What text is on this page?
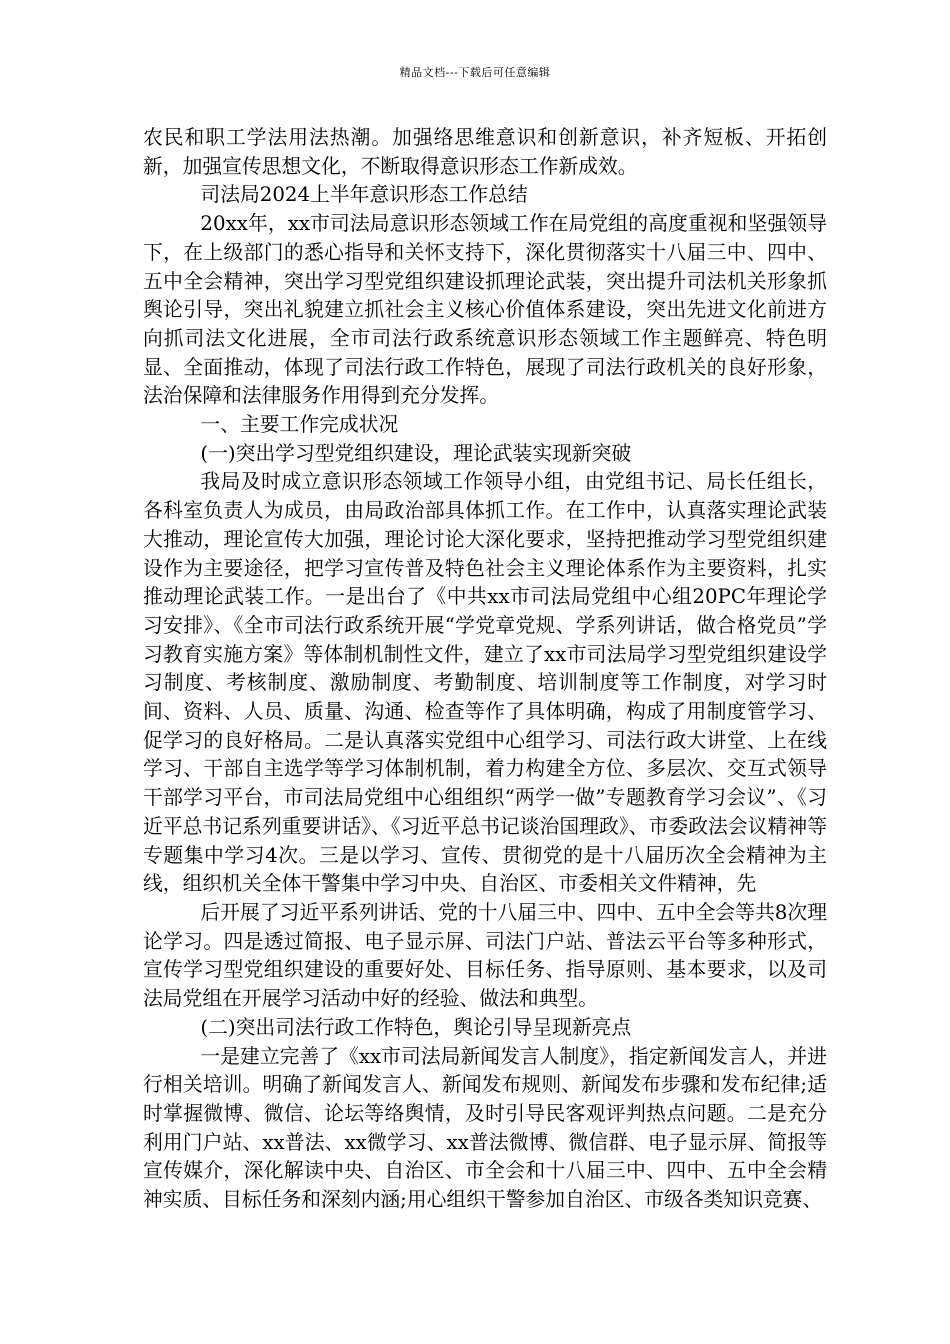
精品文档---下载后可任意编辑

农民和职工学法用法热潮。加强络思维意识和创新意识，补齐短板、开拓创新，加强宣传思想文化，不断取得意识形态工作新成效。

司法局2024上半年意识形态工作总结

20xx年，xx市司法局意识形态领域工作在局党组的高度重视和坚强领导下，在上级部门的悉心指导和关怀支持下，深化贯彻落实十八届三中、四中、五中全会精神，突出学习型党组织建设抓理论武装，突出提升司法机关形象抓舆论引导，突出礼貌建立抓社会主义核心价值体系建设，突出先进文化前进方向抓司法文化进展，全市司法行政系统意识形态领域工作主题鲜亮、特色明显、全面推动，体现了司法行政工作特色，展现了司法行政机关的良好形象，法治保障和法律服务作用得到充分发挥。

一、主要工作完成状况

(一)突出学习型党组织建设，理论武装实现新突破

我局及时成立意识形态领域工作领导小组，由党组书记、局长任组长，各科室负责人为成员，由局政治部具体抓工作。在工作中，认真落实理论武装大推动，理论宣传大加强，理论讨论大深化要求，坚持把推动学习型党组织建设作为主要途径，把学习宣传普及特色社会主义理论体系作为主要资料，扎实推动理论武装工作。一是出台了《中共xx市司法局党组中心组20PC年理论学习安排》、《全市司法行政系统开展“学党章党规、学系列讲话，做合格党员”学习教育实施方案》等体制机制性文件，建立了xx市司法局学习型党组织建设学习制度、考核制度、激励制度、考勤制度、培训制度等工作制度，对学习时间、资料、人员、质量、沟通、检查等作了具体明确，构成了用制度管学习、促学习的良好格局。二是认真落实党组中心组学习、司法行政大讲堂、上在线学习、干部自主选学等学习体制机制，着力构建全方位、多层次、交互式领导干部学习平台，市司法局党组中心组组织“两学一做”专题教育学习会议”、《习近平总书记系列重要讲话》、《习近平总书记谈治国理政》、市委政法会议精神等专题集中学习4次。三是以学习、宣传、贯彻党的是十八届历次全会精神为主线，组织机关全体干警集中学习中央、自治区、市委相关文件精神，先

后开展了习近平系列讲话、党的十八届三中、四中、五中全会等共8次理论学习。四是透过简报、电子显示屏、司法门户站、普法云平台等多种形式，宣传学习型党组织建设的重要好处、目标任务、指导原则、基本要求，以及司法局党组在开展学习活动中好的经验、做法和典型。

(二)突出司法行政工作特色，舆论引导呈现新亮点

一是建立完善了《xx市司法局新闻发言人制度》，指定新闻发言人，并进行相关培训。明确了新闻发言人、新闻发布规则、新闻发布步骤和发布纪律;适时掌握微博、微信、论坛等络舆情，及时引导民客观评判热点问题。二是充分利用门户站、xx普法、xx微学习、xx普法微博、微信群、电子显示屏、简报等宣传媒介，深化解读中央、自治区、市全会和十八届三中、四中、五中全会精神实质、目标任务和深刻内涵;用心组织干警参加自治区、市级各类知识竞赛、
